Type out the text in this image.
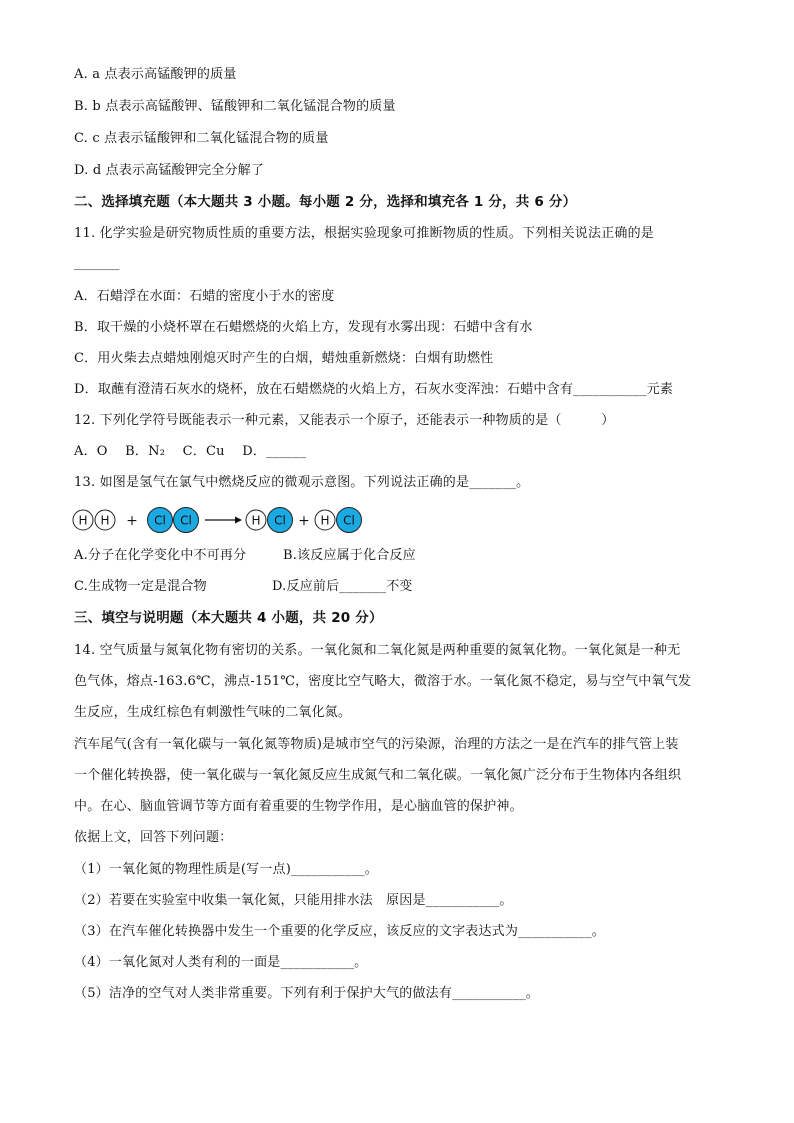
A. a 点表示高锰酸钾的质量
B. b 点表示高锰酸钾、锰酸钾和二氧化锰混合物的质量
C. c 点表示锰酸钾和二氧化锰混合物的质量
D. d 点表示高锰酸钾完全分解了
二、选择填充题（本大题共 3 小题。每小题 2 分，选择和填充各 1 分，共 6 分）
11. 化学实验是研究物质性质的重要方法，根据实验现象可推断物质的性质。下列相关说法正确的是
_______
A．石蜡浮在水面：石蜡的密度小于水的密度
B．取干燥的小烧杯罩在石蜡燃烧的火焰上方，发现有水雾出现：石蜡中含有水
C．用火柴去点蜡烛刚熄灭时产生的白烟，蜡烛重新燃烧：白烟有助燃性
D．取蘸有澄清石灰水的烧杯，放在石蜡燃烧的火焰上方，石灰水变浑浊：石蜡中含有___________元素
12. 下列化学符号既能表示一种元素，又能表示一个原子，还能表示一种物质的是（　　　）
A．O　 B．N₂　 C．Cu　 D．______
13. 如图是氢气在氯气中燃烧反应的微观示意图。下列说法正确的是_______。
H H + Cl Cl	H Cl + H Cl
A.分子在化学变化中不可再分	B.该反应属于化合反应
C.生成物一定是混合物	D.反应前后_______不变
三、填空与说明题（本大题共 4 小题，共 20 分）
14. 空气质量与氮氧化物有密切的关系。一氧化氮和二氧化氮是两种重要的氮氧化物。一氧化氮是一种无
色气体，熔点-163.6℃，沸点-151℃，密度比空气略大，微溶于水。一氧化氮不稳定，易与空气中氧气发
生反应，生成红棕色有刺激性气味的二氧化氮。
汽车尾气(含有一氧化碳与一氧化氮等物质)是城市空气的污染源，治理的方法之一是在汽车的排气管上装
一个催化转换器，使一氧化碳与一氧化氮反应生成氮气和二氧化碳。一氧化氮广泛分布于生物体内各组织
中。在心、脑血管调节等方面有着重要的生物学作用，是心脑血管的保护神。
依据上文，回答下列问题：
（1）一氧化氮的物理性质是(写一点)___________。
（2）若要在实验室中收集一氧化氮，只能用排水法　原因是___________。
（3）在汽车催化转换器中发生一个重要的化学反应，该反应的文字表达式为___________。
（4）一氧化氮对人类有利的一面是___________。
（5）洁净的空气对人类非常重要。下列有利于保护大气的做法有___________。
